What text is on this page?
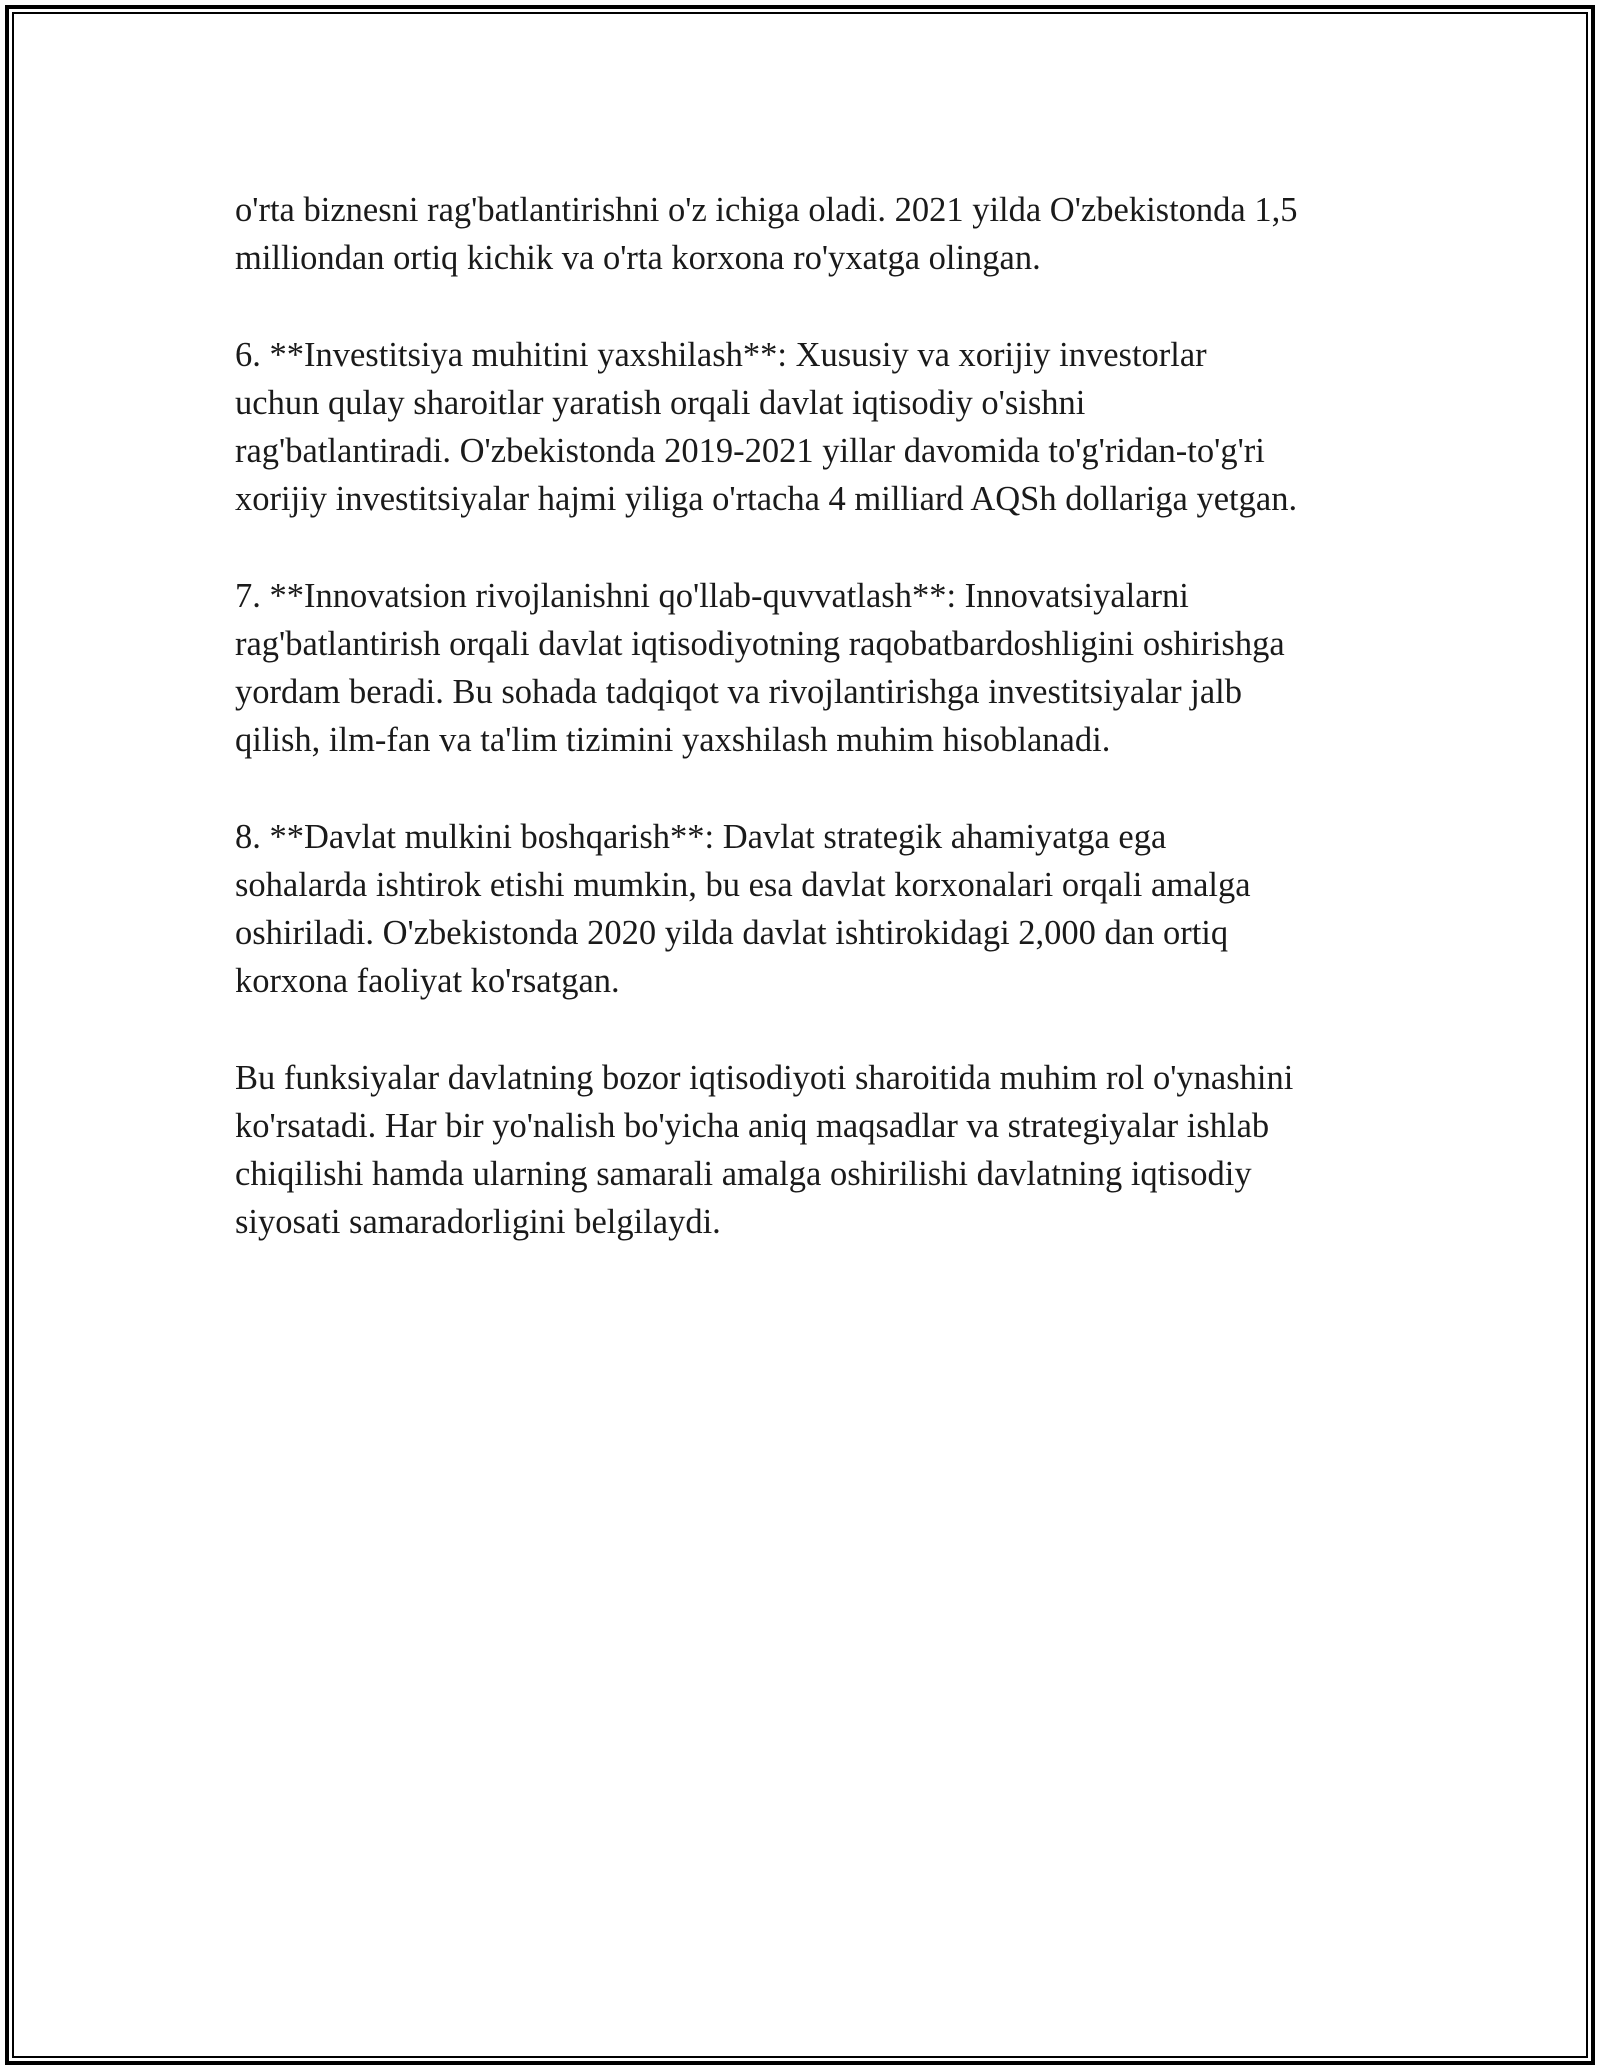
o'rta biznesni rag'batlantirishni o'z ichiga oladi. 2021 yilda O'zbekistonda 1,5
milliondan ortiq kichik va o'rta korxona ro'yxatga olingan.

6. **Investitsiya muhitini yaxshilash**: Xususiy va xorijiy investorlar
uchun qulay sharoitlar yaratish orqali davlat iqtisodiy o'sishni
rag'batlantiradi. O'zbekistonda 2019-2021 yillar davomida to'g'ridan-to'g'ri
xorijiy investitsiyalar hajmi yiliga o'rtacha 4 milliard AQSh dollariga yetgan.

7. **Innovatsion rivojlanishni qo'llab-quvvatlash**: Innovatsiyalarni
rag'batlantirish orqali davlat iqtisodiyotning raqobatbardoshligini oshirishga
yordam beradi. Bu sohada tadqiqot va rivojlantirishga investitsiyalar jalb
qilish, ilm-fan va ta'lim tizimini yaxshilash muhim hisoblanadi.

8. **Davlat mulkini boshqarish**: Davlat strategik ahamiyatga ega
sohalarda ishtirok etishi mumkin, bu esa davlat korxonalari orqali amalga
oshiriladi. O'zbekistonda 2020 yilda davlat ishtirokidagi 2,000 dan ortiq
korxona faoliyat ko'rsatgan.

Bu funksiyalar davlatning bozor iqtisodiyoti sharoitida muhim rol o'ynashini
ko'rsatadi. Har bir yo'nalish bo'yicha aniq maqsadlar va strategiyalar ishlab
chiqilishi hamda ularning samarali amalga oshirilishi davlatning iqtisodiy
siyosati samaradorligini belgilaydi.
